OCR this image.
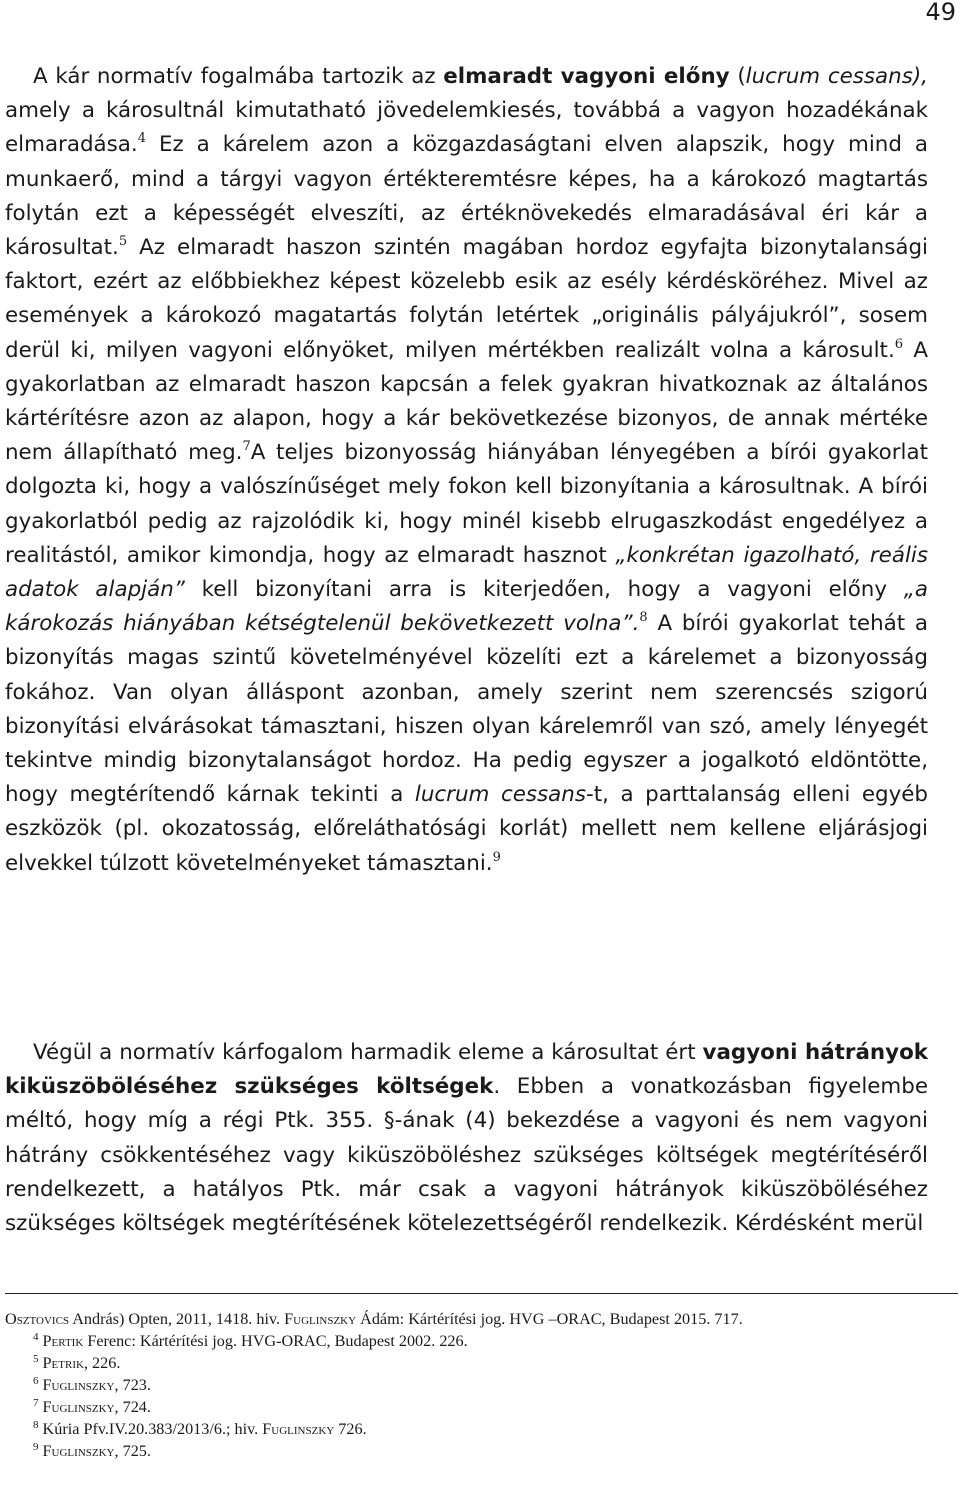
49

A kár normatív fogalmába tartozik az elmaradt vagyoni előny (lucrum cessans), amely a károsultnál kimutatható jövedelemkiesés, továbbá a vagyon hozadékának elmaradása.$^4$ Ez a kárelem azon a közgazdaságtani elven alapszik, hogy mind a munkaerő, mind a tárgyi vagyon értékteremtésre képes, ha a károkozó magtartás folytán ezt a képességét elveszíti, az értéknövekedés elmaradásával éri kár a károsultat.$^5$ Az elmaradt haszon szintén magában hordoz egyfajta bizonytalansági faktort, ezért az előbbiekhez képest közelebb esik az esély kérdésköréhez. Mivel az események a károkozó magatartás folytán letértek „originális pályájukról”, sosem derül ki, milyen vagyoni előnyöket, milyen mértékben realizált volna a károsult.$^6$ A gyakorlatban az elmaradt haszon kapcsán a felek gyakran hivatkoznak az általános kártérítésre azon az alapon, hogy a kár bekövetkezése bizonyos, de annak mértéke nem állapítható meg.$^7$A teljes bizonyosság hiányában lényegében a bírói gyakorlat dolgozta ki, hogy a valószínűséget mely fokon kell bizonyítania a károsultnak. A bírói gyakorlatból pedig az rajzolódik ki, hogy minél kisebb elrugaszkodást engedélyez a realitástól, amikor kimondja, hogy az elmaradt hasznot „konkrétan igazolható, reális adatok alapján” kell bizonyítani arra is kiterjedően, hogy a vagyoni előny „a károkozás hiányában kétségtelenül bekövetkezett volna”.$^8$ A bírói gyakorlat tehát a bizonyítás magas szintű követelményével közelíti ezt a kárelemet a bizonyosság fokához. Van olyan álláspont azonban, amely szerint nem szerencsés szigorú bizonyítási elvárásokat támasztani, hiszen olyan kárelemről van szó, amely lényegét tekintve mindig bizonytalanságot hordoz. Ha pedig egyszer a jogalkotó eldöntötte, hogy megtérítendő kárnak tekinti a lucrum cessans-t, a parttalanság elleni egyéb eszközök (pl. okozatosság, előreláthatósági korlát) mellett nem kellene eljárásjogi elvekkel túlzott követelményeket támasztani.$^9$

Végül a normatív kárfogalom harmadik eleme a károsultat ért vagyoni hátrányok kiküszöböléséhez szükséges költségek. Ebben a vonatkozásban figyelembe méltó, hogy míg a régi Ptk. 355. §-ának (4) bekezdése a vagyoni és nem vagyoni hátrány csökkentéséhez vagy kiküszöböléshez szükséges költségek megtérítéséről rendelkezett, a hatályos Ptk. már csak a vagyoni hátrányok kiküszöböléséhez szükséges költségek megtérítésének kötelezettségéről rendelkezik. Kérdésként merül

Osztovics András) Opten, 2011, 1418. hiv. Fuglinszky Ádám: Kártérítési jog. HVG –ORAC, Budapest 2015. 717.

$^4$ Pertik Ferenc: Kártérítési jog. HVG-ORAC, Budapest 2002. 226.

$^5$ Petrik, 226.

$^6$ Fuglinszky, 723.

$^7$ Fuglinszky, 724.

$^8$ Kúria Pfv.IV.20.383/2013/6.; hiv. Fuglinszky 726.

$^9$ Fuglinszky, 725.
